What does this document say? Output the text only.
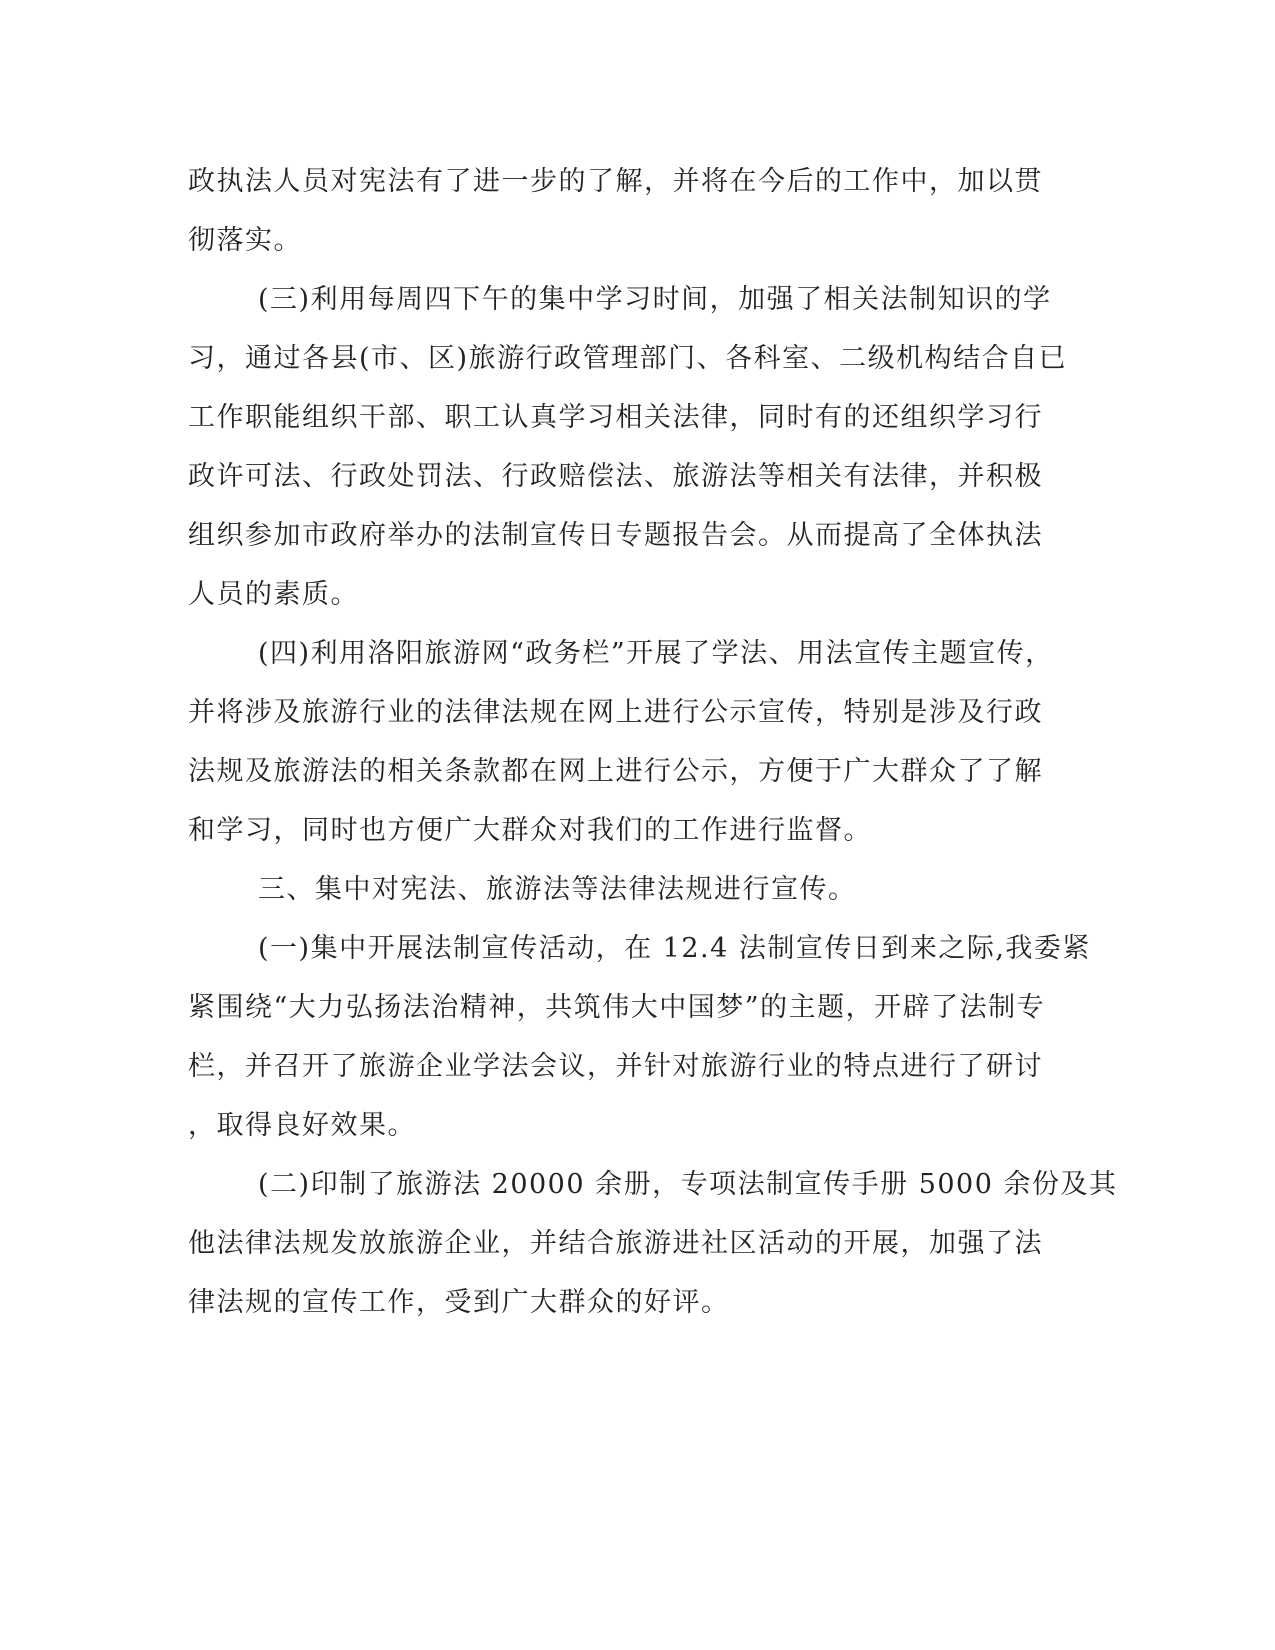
政执法人员对宪法有了进一步的了解，并将在今后的工作中，加以贯
彻落实。
(三)利用每周四下午的集中学习时间，加强了相关法制知识的学
习，通过各县(市、区)旅游行政管理部门、各科室、二级机构结合自已
工作职能组织干部、职工认真学习相关法律，同时有的还组织学习行
政许可法、行政处罚法、行政赔偿法、旅游法等相关有法律，并积极
组织参加市政府举办的法制宣传日专题报告会。从而提高了全体执法
人员的素质。
(四)利用洛阳旅游网“政务栏”开展了学法、用法宣传主题宣传，
并将涉及旅游行业的法律法规在网上进行公示宣传，特别是涉及行政
法规及旅游法的相关条款都在网上进行公示，方便于广大群众了了解
和学习，同时也方便广大群众对我们的工作进行监督。
三、集中对宪法、旅游法等法律法规进行宣传。
(一)集中开展法制宣传活动，在 12.4 法制宣传日到来之际,我委紧
紧围绕“大力弘扬法治精神，共筑伟大中国梦”的主题，开辟了法制专
栏，并召开了旅游企业学法会议，并针对旅游行业的特点进行了研讨
，取得良好效果。
(二)印制了旅游法 20000 余册，专项法制宣传手册 5000 余份及其
他法律法规发放旅游企业，并结合旅游进社区活动的开展，加强了法
律法规的宣传工作，受到广大群众的好评。
